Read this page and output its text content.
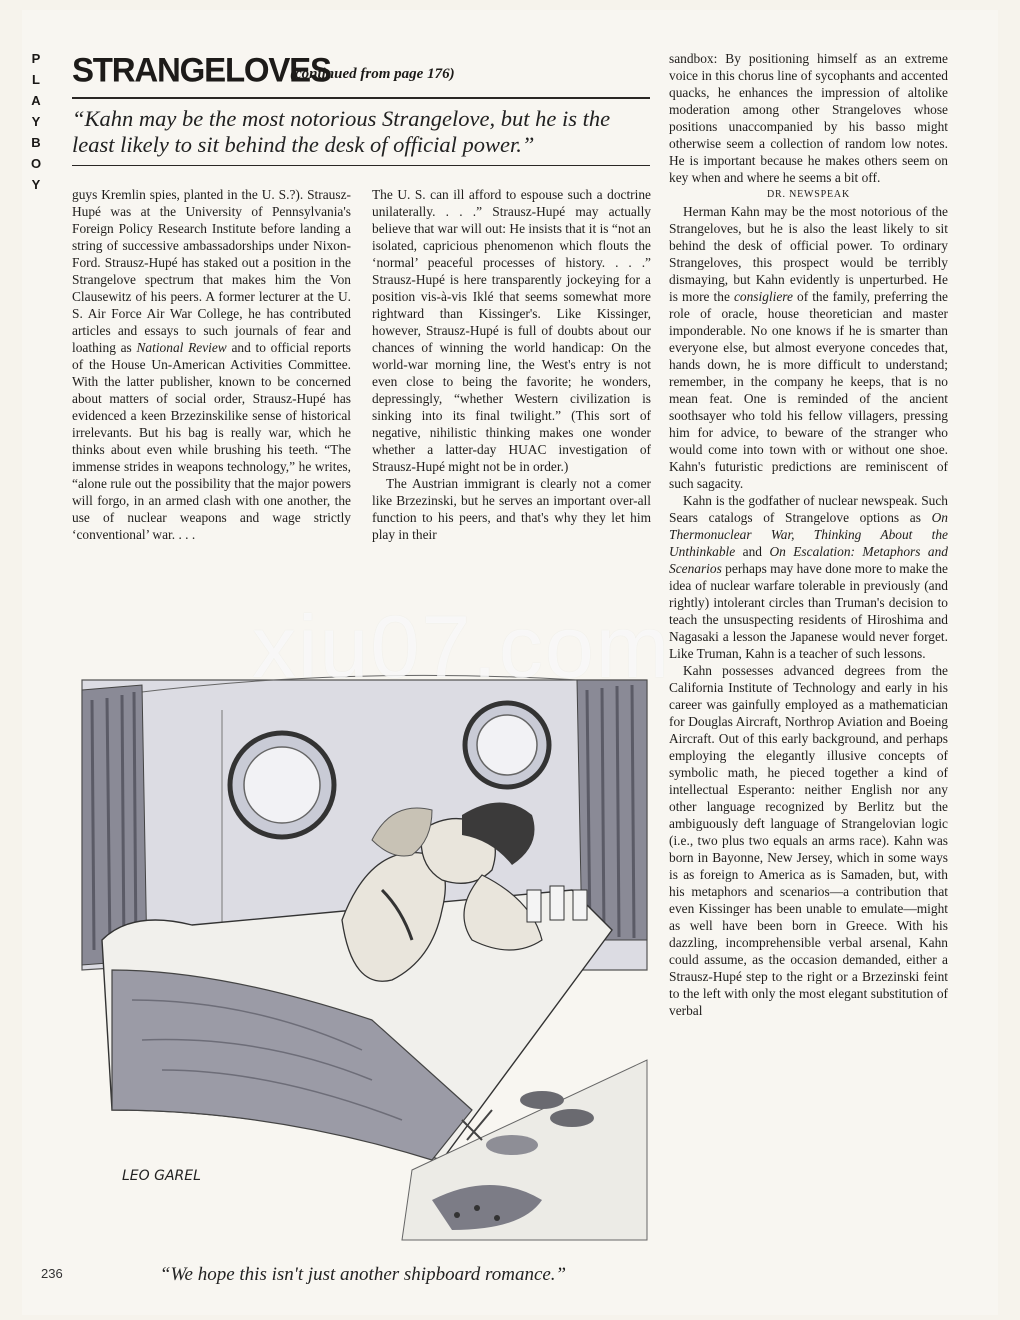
P
L
A
Y
B
O
Y
STRANGELOVES
(continued from page 176)
“Kahn may be the most notorious Strangelove, but he is the least likely to sit behind the desk of official power.”

guys Kremlin spies, planted in the U. S.?). Strausz-Hupé was at the University of Pennsylvania's Foreign Policy Research Institute before landing a string of successive ambassadorships under Nixon-Ford. Strausz-Hupé has staked out a position in the Strangelove spectrum that makes him the Von Clausewitz of his peers. A former lecturer at the U. S. Air Force Air War College, he has contributed articles and essays to such journals of fear and loathing as National Review and to official reports of the House Un-American Activities Committee. With the latter publisher, known to be concerned about matters of social order, Strausz-Hupé has evidenced a keen Brzezinskilike sense of historical irrelevants. But his bag is really war, which he thinks about even while brushing his teeth. “The immense strides in weapons technology,” he writes, “alone rule out the possibility that the major powers will forgo, in an armed clash with one another, the use of nuclear weapons and wage strictly ‘conventional’ war. . . .

The U. S. can ill afford to espouse such a doctrine unilaterally. . . .” Strausz-Hupé may actually believe that war will out: He insists that it is “not an isolated, capricious phenomenon which flouts the ‘normal’ peaceful processes of history. . . .” Strausz-Hupé is here transparently jockeying for a position vis-à-vis Iklé that seems somewhat more rightward than Kissinger's. Like Kissinger, however, Strausz-Hupé is full of doubts about our chances of winning the world handicap: On the world-war morning line, the West's entry is not even close to being the favorite; he wonders, depressingly, “whether Western civilization is sinking into its final twilight.” (This sort of negative, nihilistic thinking makes one wonder whether a latter-day HUAC investigation of Strausz-Hupé might not be in order.)

The Austrian immigrant is clearly not a comer like Brzezinski, but he serves an important over-all function to his peers, and that's why they let him play in their

sandbox: By positioning himself as an extreme voice in this chorus line of sycophants and accented quacks, he enhances the impression of altolike moderation among other Strangeloves whose positions unaccompanied by his basso might otherwise seem a collection of random low notes. He is important because he makes others seem on key when and where he seems a bit off.

DR. NEWSPEAK

Herman Kahn may be the most notorious of the Strangeloves, but he is also the least likely to sit behind the desk of official power. To ordinary Strangeloves, this prospect would be terribly dismaying, but Kahn evidently is unperturbed. He is more the consigliere of the family, preferring the role of oracle, house theoretician and master imponderable. No one knows if he is smarter than everyone else, but almost everyone concedes that, hands down, he is more difficult to understand; remember, in the company he keeps, that is no mean feat. One is reminded of the ancient soothsayer who told his fellow villagers, pressing him for advice, to beware of the stranger who would come into town with or without one shoe. Kahn's futuristic predictions are reminiscent of such sagacity.

Kahn is the godfather of nuclear newspeak. Such Sears catalogs of Strangelove options as On Thermonuclear War, Thinking About the Unthinkable and On Escalation: Metaphors and Scenarios perhaps may have done more to make the idea of nuclear warfare tolerable in previously (and rightly) intolerant circles than Truman's decision to teach the unsuspecting residents of Hiroshima and Nagasaki a lesson the Japanese would never forget. Like Truman, Kahn is a teacher of such lessons.

Kahn possesses advanced degrees from the California Institute of Technology and early in his career was gainfully employed as a mathematician for Douglas Aircraft, Northrop Aviation and Boeing Aircraft. Out of this early background, and perhaps employing the elegantly illusive concepts of symbolic math, he pieced together a kind of intellectual Esperanto: neither English nor any other language recognized by Berlitz but the ambiguously deft language of Strangelovian logic (i.e., two plus two equals an arms race). Kahn was born in Bayonne, New Jersey, which in some ways is as foreign to America as is Samaden, but, with his metaphors and scenarios—a contribution that even Kissinger has been unable to emulate—might as well have been born in Greece. With his dazzling, incomprehensible verbal arsenal, Kahn could assume, as the occasion demanded, either a Strausz-Hupé step to the right or a Brzezinski feint to the left with only the most elegant substitution of verbal

LEO GAREL
“We hope this isn't just another shipboard romance.”
236
xiu07.com
